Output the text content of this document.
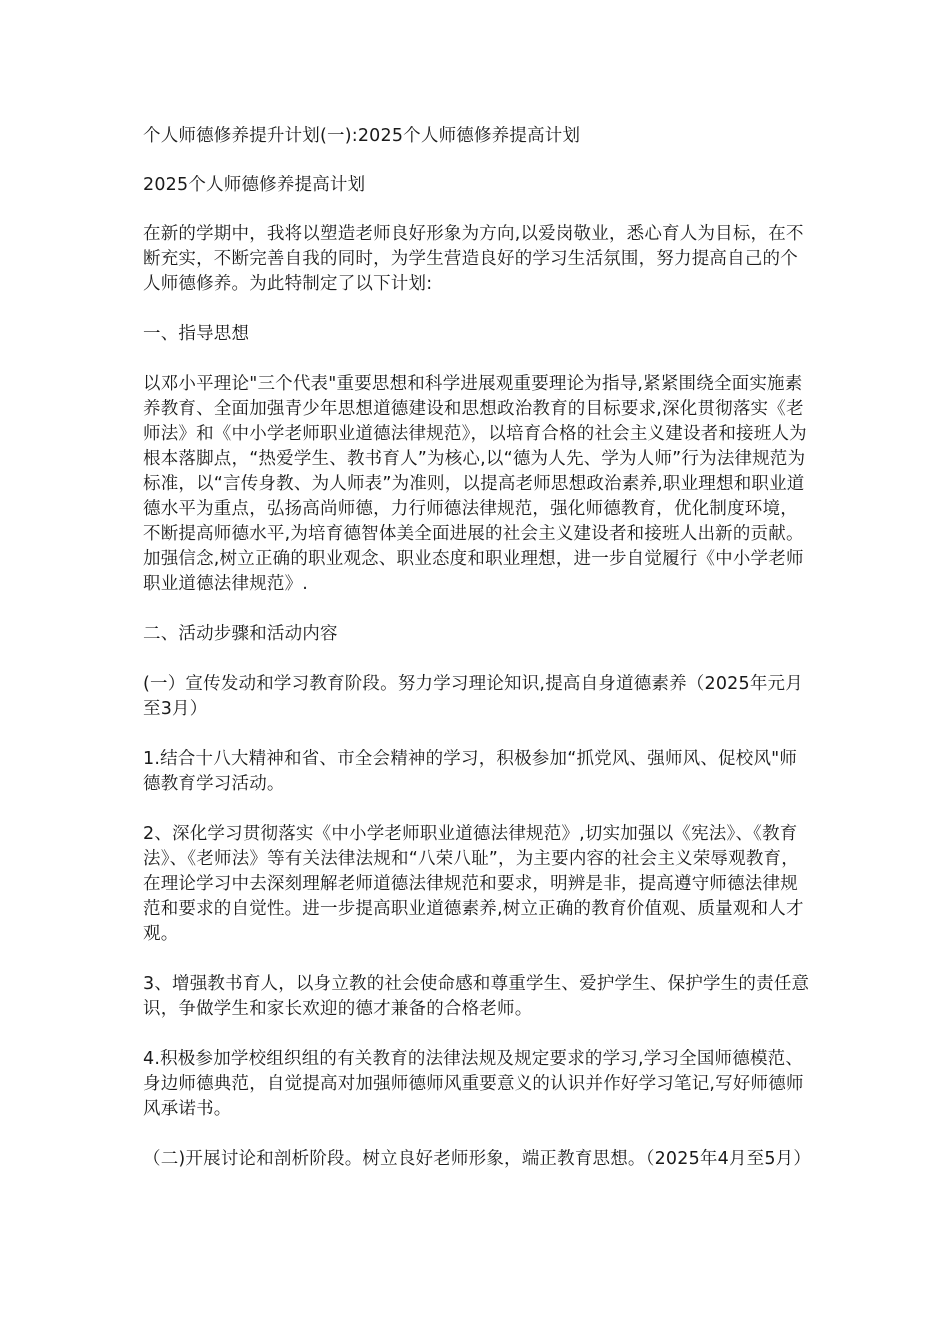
个人师德修养提升计划(一):2025个人师德修养提高计划

2025个人师德修养提高计划

在新的学期中，我将以塑造老师良好形象为方向,以爱岗敬业，悉心育人为目标，在不断充实，不断完善自我的同时，为学生营造良好的学习生活氛围，努力提高自己的个人师德修养。为此特制定了以下计划:

一、指导思想

以邓小平理论"三个代表"重要思想和科学进展观重要理论为指导,紧紧围绕全面实施素养教育、全面加强青少年思想道德建设和思想政治教育的目标要求,深化贯彻落实《老师法》和《中小学老师职业道德法律规范》，以培育合格的社会主义建设者和接班人为根本落脚点，“热爱学生、教书育人”为核心,以“德为人先、学为人师”行为法律规范为标准，以“言传身教、为人师表”为准则，以提高老师思想政治素养,职业理想和职业道德水平为重点，弘扬高尚师德，力行师德法律规范，强化师德教育，优化制度环境，不断提高师德水平,为培育德智体美全面进展的社会主义建设者和接班人出新的贡献。加强信念,树立正确的职业观念、职业态度和职业理想，进一步自觉履行《中小学老师职业道德法律规范》.

二、活动步骤和活动内容

(一）宣传发动和学习教育阶段。努力学习理论知识,提高自身道德素养（2025年元月至3月）

1.结合十八大精神和省、市全会精神的学习，积极参加“抓党风、强师风、促校风"师德教育学习活动。

2、深化学习贯彻落实《中小学老师职业道德法律规范》,切实加强以《宪法》、《教育法》、《老师法》等有关法律法规和“八荣八耻”，为主要内容的社会主义荣辱观教育，在理论学习中去深刻理解老师道德法律规范和要求，明辨是非，提高遵守师德法律规范和要求的自觉性。进一步提高职业道德素养,树立正确的教育价值观、质量观和人才观。

3、增强教书育人，以身立教的社会使命感和尊重学生、爱护学生、保护学生的责任意识，争做学生和家长欢迎的德才兼备的合格老师。

4.积极参加学校组织组的有关教育的法律法规及规定要求的学习,学习全国师德模范、身边师德典范，自觉提高对加强师德师风重要意义的认识并作好学习笔记,写好师德师风承诺书。

（二)开展讨论和剖析阶段。树立良好老师形象，端正教育思想。（2025年4月至5月）
